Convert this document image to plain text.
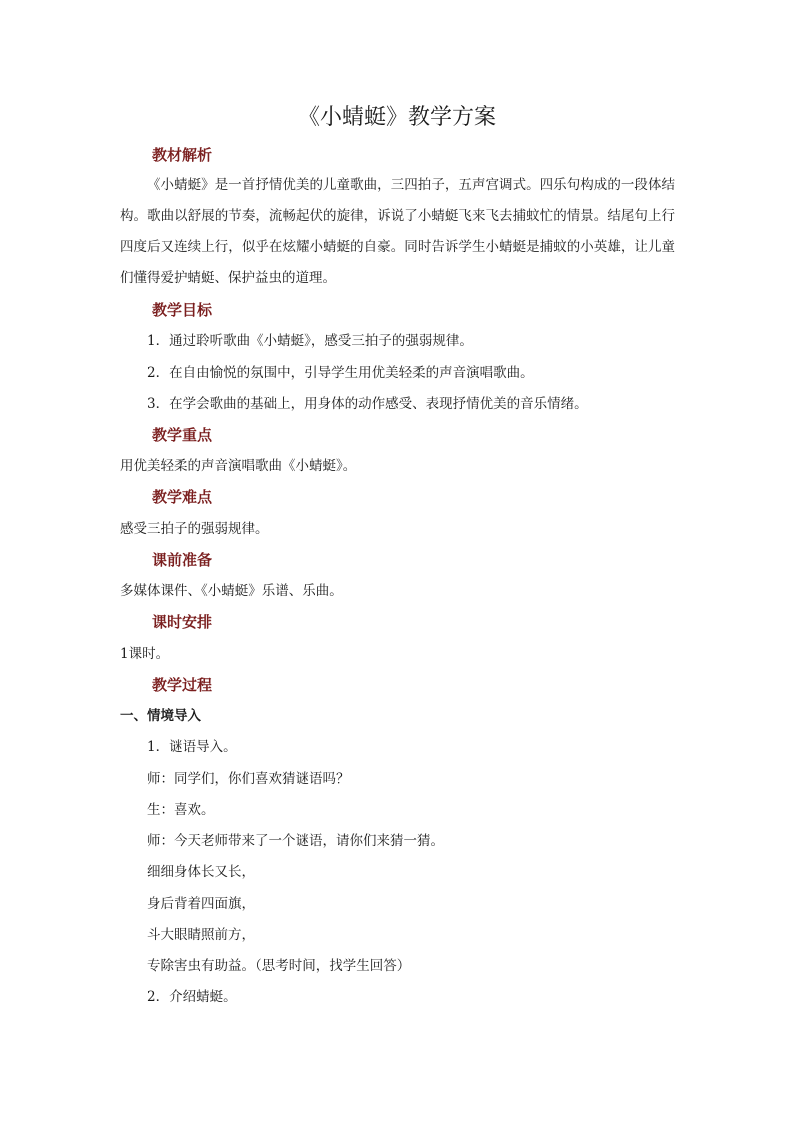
《小蜻蜓》教学方案
教材解析

《小蜻蜓》是一首抒情优美的儿童歌曲，三四拍子，五声宫调式。四乐句构成的一段体结构。歌曲以舒展的节奏，流畅起伏的旋律，诉说了小蜻蜓飞来飞去捕蚊忙的情景。结尾句上行四度后又连续上行，似乎在炫耀小蜻蜓的自豪。同时告诉学生小蜻蜓是捕蚊的小英雄，让儿童们懂得爱护蜻蜓、保护益虫的道理。

教学目标

1．通过聆听歌曲《小蜻蜓》，感受三拍子的强弱规律。

2．在自由愉悦的氛围中，引导学生用优美轻柔的声音演唱歌曲。

3．在学会歌曲的基础上，用身体的动作感受、表现抒情优美的音乐情绪。

教学重点

用优美轻柔的声音演唱歌曲《小蜻蜓》。

教学难点

感受三拍子的强弱规律。

课前准备

多媒体课件、《小蜻蜓》乐谱、乐曲。

课时安排

1课时。

教学过程
一、情境导入

1．谜语导入。

师：同学们，你们喜欢猜谜语吗？

生：喜欢。

师：今天老师带来了一个谜语，请你们来猜一猜。

细细身体长又长，

身后背着四面旗，

斗大眼睛照前方，

专除害虫有助益。（思考时间，找学生回答）

2．介绍蜻蜓。
